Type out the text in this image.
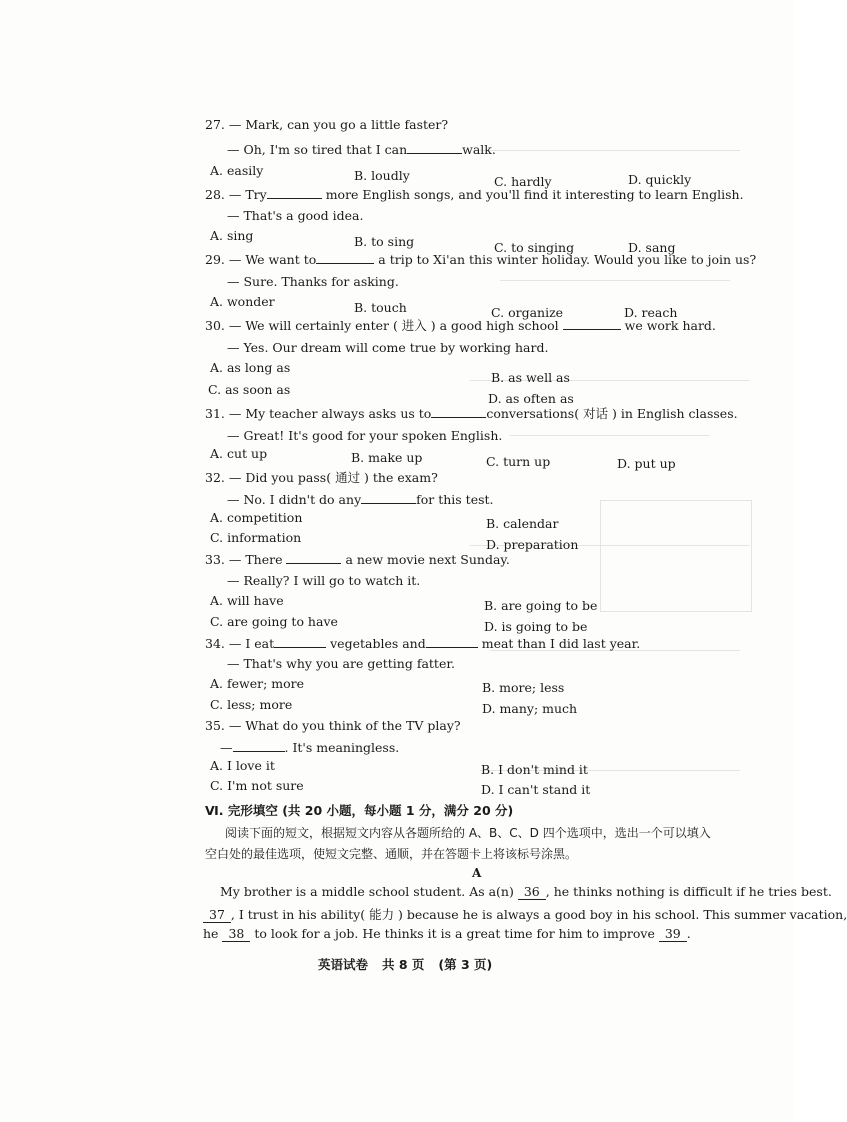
27. — Mark, can you go a little faster?
— Oh, I'm so tired that I can	walk.
A. easily	B. loudly	C. hardly	D. quickly
28. — Try	more English songs, and you'll find it interesting to learn English.
— That's a good idea.
A. sing	B. to sing	C. to singing	D. sang
29. — We want to	a trip to Xi'an this winter holiday. Would you like to join us?
— Sure. Thanks for asking.
A. wonder	B. touch	C. organize	D. reach
30. — We will certainly enter ( 进入 ) a good high school	we work hard.
— Yes. Our dream will come true by working hard.
A. as long as
B. as well as
C. as soon as
D. as often as
31. — My teacher always asks us to	conversations( 对话 ) in English classes.
— Great! It's good for your spoken English.
A. cut up	B. make up	C. turn up	D. put up
32. — Did you pass( 通过 ) the exam?
— No. I didn't do any	for this test.
A. competition	B. calendar
C. information	D. preparation
33. — There	a new movie next Sunday.
— Really? I will go to watch it.
A. will have	B. are going to be
C. are going to have	D. is going to be
34. — I eat	vegetables and	meat than I did last year.
— That's why you are getting fatter.
A. fewer; more	B. more; less
C. less; more	D. many; much
35. — What do you think of the TV play?
—	. It's meaningless.
A. I love it	B. I don't mind it
C. I'm not sure	D. I can't stand it
Ⅵ. 完形填空 (共 20 小题，每小题 1 分，满分 20 分)
阅读下面的短文，根据短文内容从各题所给的 A、B、C、D 四个选项中，选出一个可以填入
空白处的最佳选项，使短文完整、通顺，并在答题卡上将该标号涂黑。
A
My brother is a middle school student. As a(n) 36 , he thinks nothing is difficult if he tries best.
37 , I trust in his ability( 能力 ) because he is always a good boy in his school. This summer vacation,
he 38 to look for a job. He thinks it is a great time for him to improve 39 .
英语试卷 共 8 页 (第 3 页)
